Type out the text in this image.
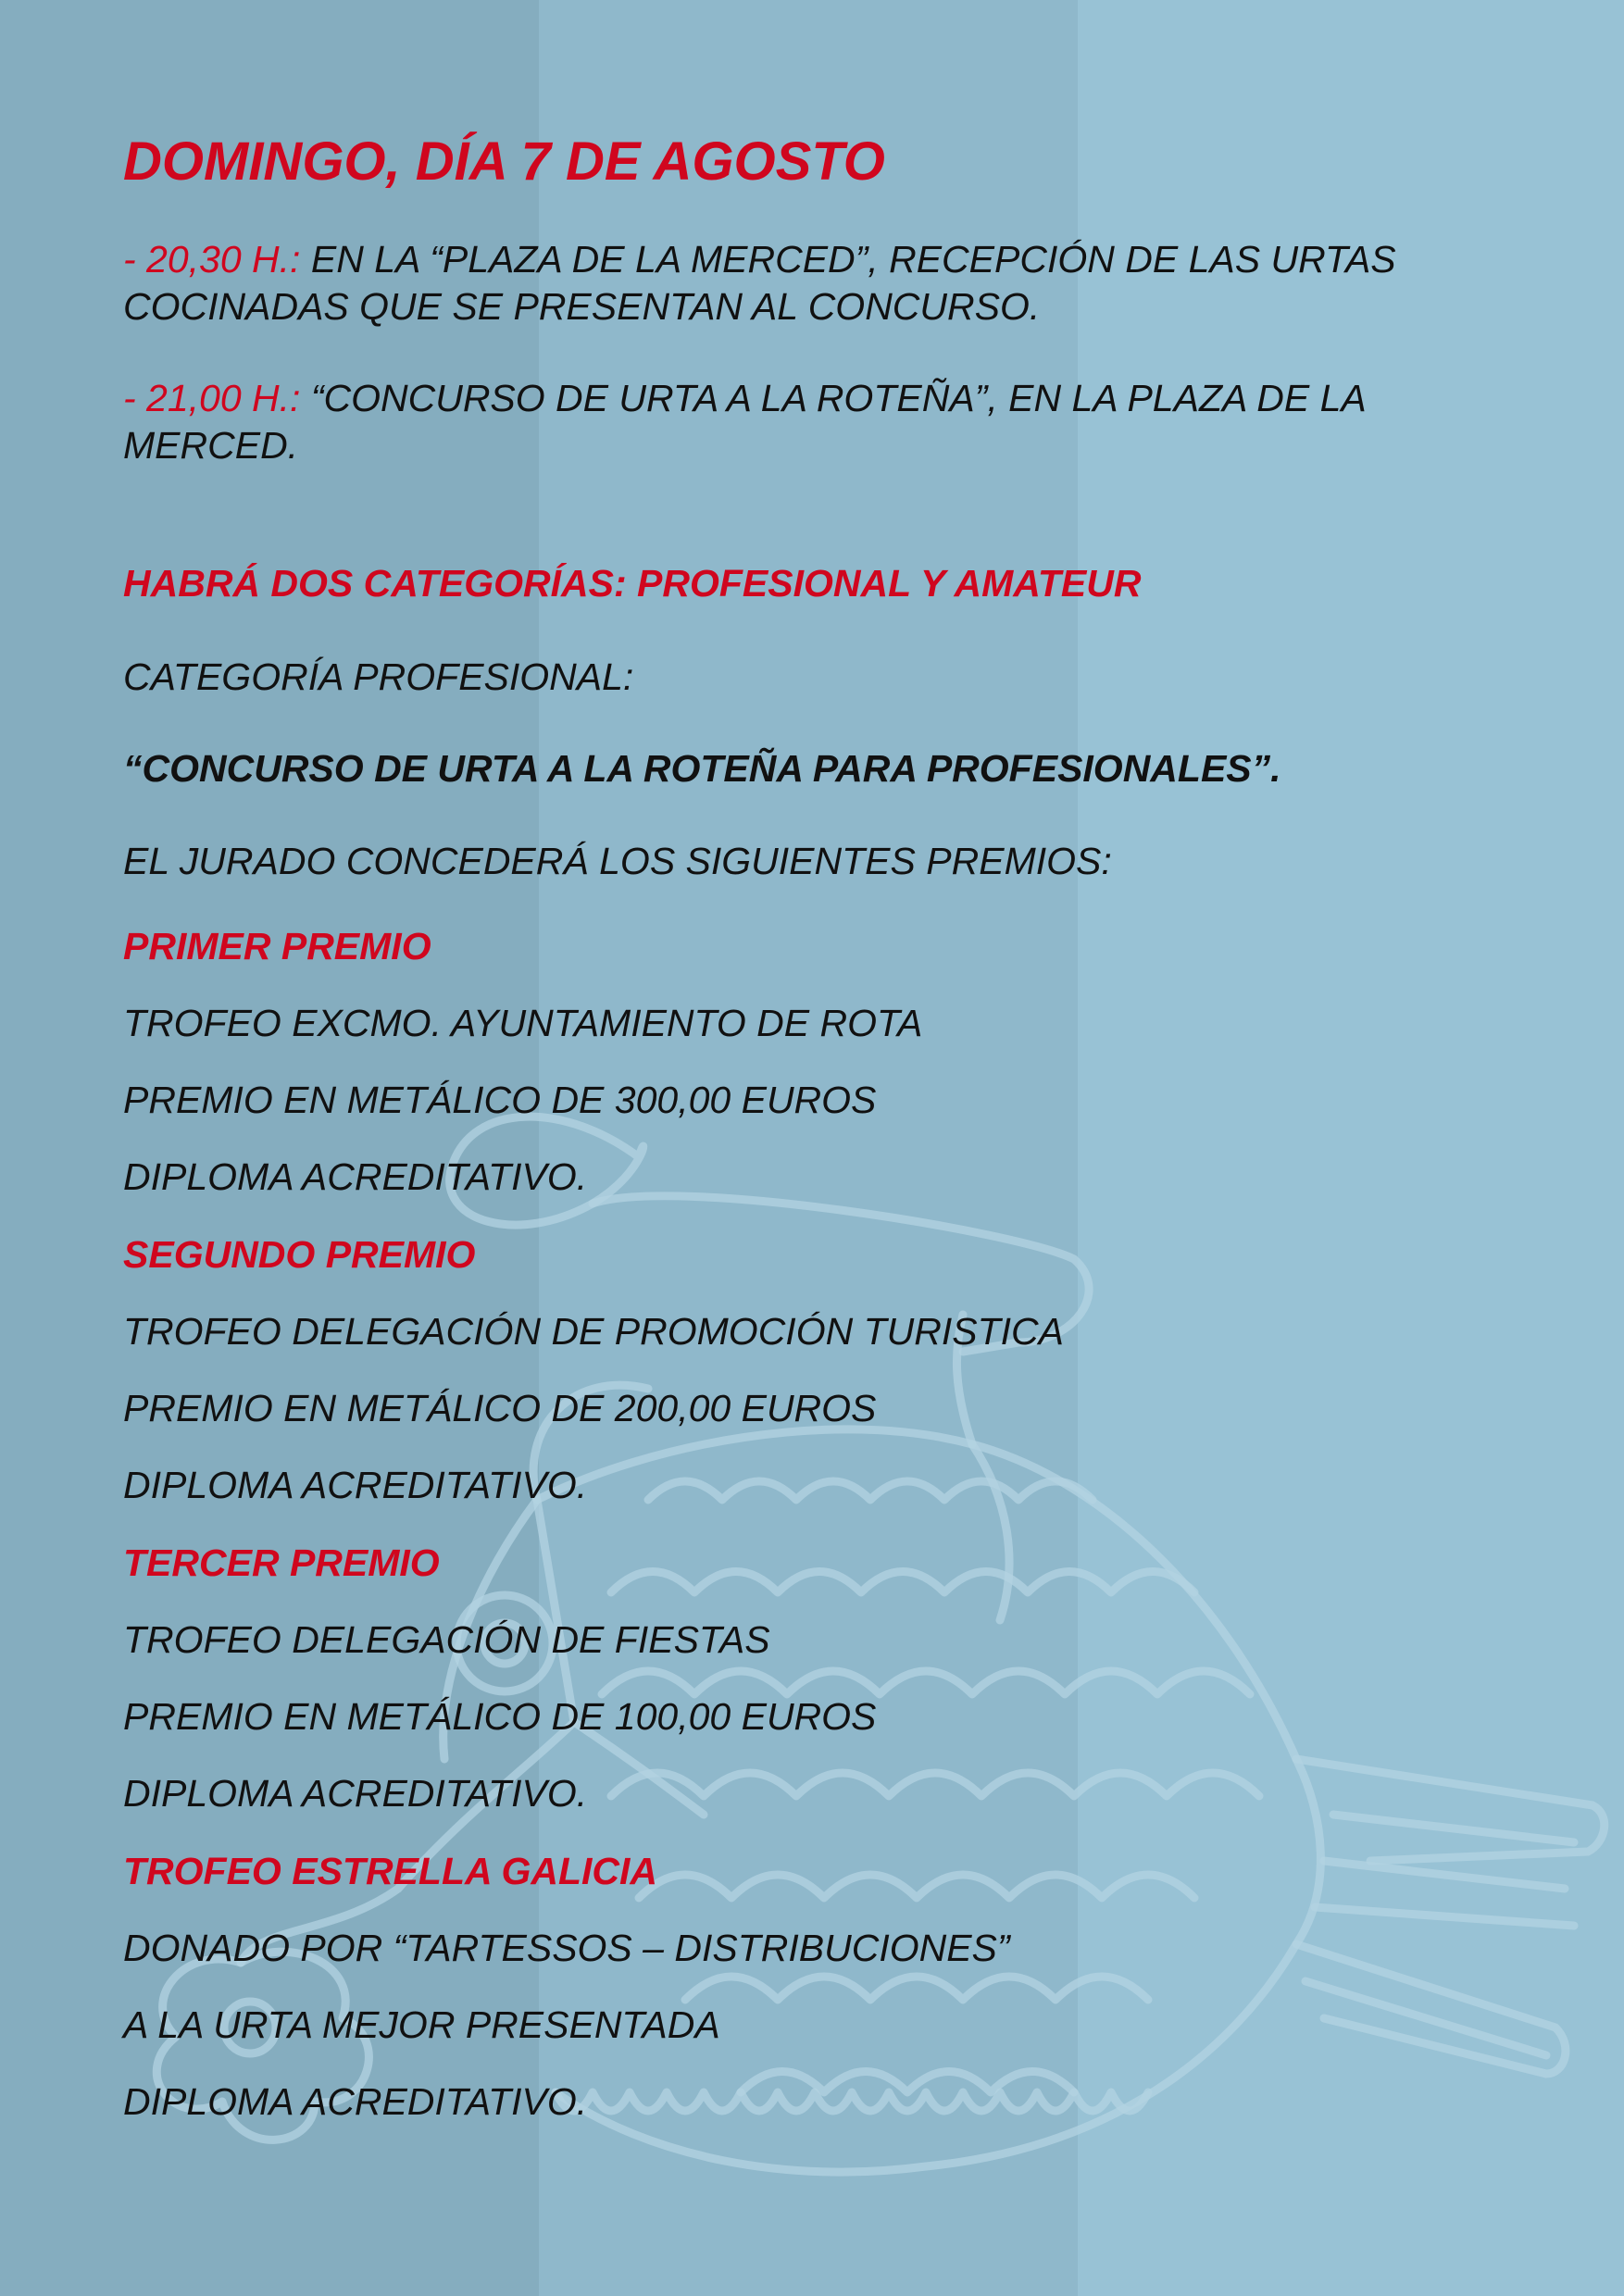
DOMINGO, DÍA 7 DE AGOSTO
- 20,30 H.: EN LA “PLAZA DE LA MERCED”, RECEPCIÓN DE LAS URTAS
COCINADAS QUE SE PRESENTAN AL CONCURSO.
- 21,00 H.: “CONCURSO DE URTA A LA ROTEÑA”, EN LA PLAZA DE LA
MERCED.
HABRÁ DOS CATEGORÍAS: PROFESIONAL Y AMATEUR
CATEGORÍA PROFESIONAL:
“CONCURSO DE URTA A LA ROTEÑA PARA PROFESIONALES”.
EL JURADO CONCEDERÁ LOS SIGUIENTES PREMIOS:
PRIMER PREMIO
TROFEO EXCMO. AYUNTAMIENTO DE ROTA
PREMIO EN METÁLICO DE 300,00 EUROS
DIPLOMA ACREDITATIVO.
SEGUNDO PREMIO
TROFEO DELEGACIÓN DE PROMOCIÓN TURISTICA
PREMIO EN METÁLICO DE 200,00 EUROS
DIPLOMA ACREDITATIVO.
TERCER PREMIO
TROFEO DELEGACIÓN DE FIESTAS
PREMIO EN METÁLICO DE 100,00 EUROS
DIPLOMA ACREDITATIVO.
TROFEO ESTRELLA GALICIA
DONADO POR “TARTESSOS – DISTRIBUCIONES”
A LA URTA MEJOR PRESENTADA
DIPLOMA ACREDITATIVO.
